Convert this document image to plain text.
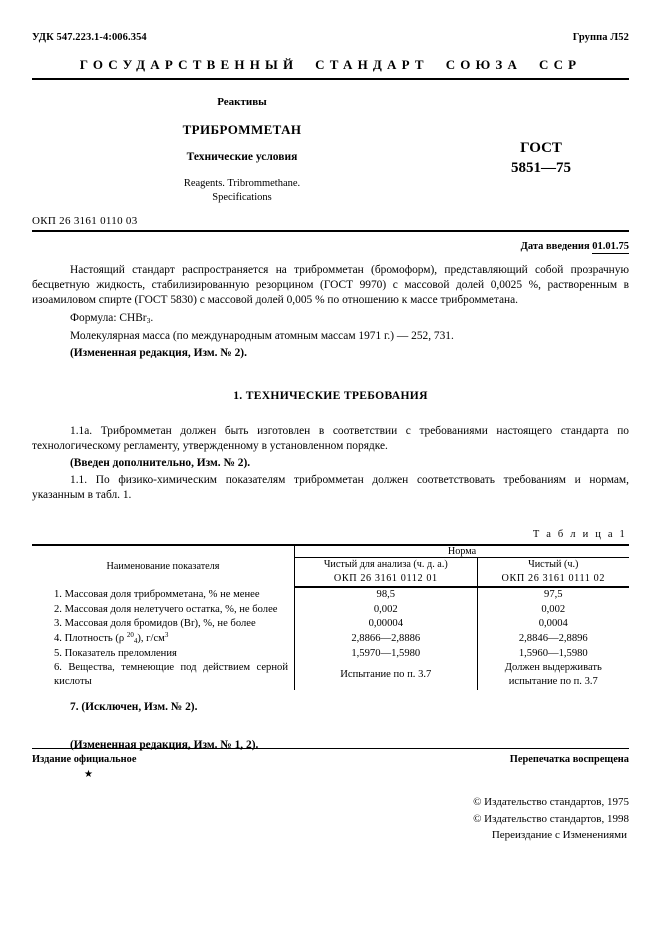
УДК 547.223.1-4:006.354	Группа Л52
ГОСУДАРСТВЕННЫЙ  СТАНДАРТ  СОЮЗА  ССР
Реактивы
ТРИБРОММЕТАН
Технические условия
Reagents. Tribrommethane.
Specifications
ГОСТ
5851—75
ОКП 26 3161 0110 03
Дата введения 01.01.75
Настоящий стандарт распространяется на трибромметан (бромоформ), представляющий собой прозрачную бесцветную жидкость, стабилизированную резорцином (ГОСТ 9970) с массовой долей 0,0025 %, растворенным в изоамиловом спирте (ГОСТ 5830) с массовой долей 0,005 % по отношению к массе трибромметана.
Формула: CHBr$_3$.
Молекулярная масса (по международным атомным массам 1971 г.) — 252, 731.
(Измененная редакция, Изм. № 2).
1. ТЕХНИЧЕСКИЕ ТРЕБОВАНИЯ
1.1а. Трибромметан должен быть изготовлен в соответствии с требованиями настоящего стандарта по технологическому регламенту, утвержденному в установленном порядке.
(Введен дополнительно, Изм. № 2).
1.1. По физико-химическим показателям трибромметан должен соответствовать требованиям и нормам, указанным в табл. 1.
Т а б л и ц а 1
Наименование показателя	Норма	

Чистый для анализа (ч. д. а.)
ОКП 26 3161 0112 01

Чистый (ч.)
ОКП 26 3161 0111 02

1. Массовая доля трибромметана, % не менее	98,5	97,5
2. Массовая доля нелетучего остатка, %, не более	0,002	0,002
3. Массовая доля бромидов (Br), %, не более	0,00004	0,0004
4. Плотность (ρ $^{20}_4$), $г/см^3$	2,8866—2,8886	2,8846—2,8896
5. Показатель преломления	1,5970—1,5980	1,5960—1,5980
6. Вещества, темнеющие под действием серной кислоты	Испытание по п. 3.7	Должен выдерживать
испытание по п. 3.7
7. (Исключен, Изм. № 2).
(Измененная редакция, Изм. № 1, 2).
Издание официальное	Перепечатка воспрещена
★
© Издательство стандартов, 1975
© Издательство стандартов, 1998
Переиздание с Изменениями
